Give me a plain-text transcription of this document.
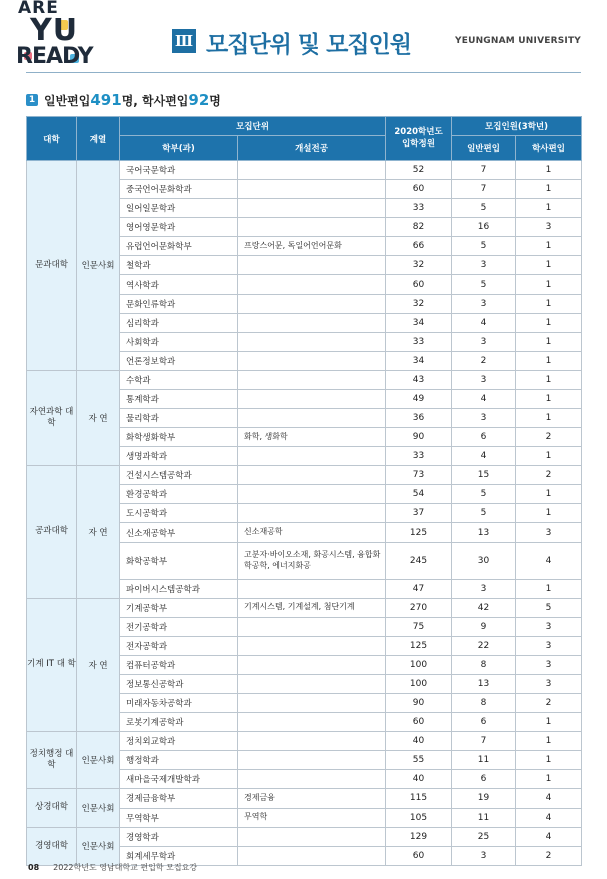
ARE
YU
READY
Ⅲ 모집단위 및 모집인원	YEUNGNAM UNIVERSITY
1 일반편입 491 명, 학사편입 92 명
대학	계열	모집단위		2020학년도 입학정원	모집인원(3학년)	
		학부(과)	개설전공		일반편입	학사편입
문과대학	인문사회	국어국문학과		52	7	1
		중국언어문화학과		60	7	1
		일어일문학과		33	5	1
		영어영문학과		82	16	3
		유럽언어문화학부	프랑스어문, 독일어언어문화	66	5	1
		철학과		32	3	1
		역사학과		60	5	1
		문화인류학과		32	3	1
		심리학과		34	4	1
		사회학과		33	3	1
		언론정보학과		34	2	1
자연과학 대 학	자 연	수학과		43	3	1
		통계학과		49	4	1
		물리학과		36	3	1
		화학생화학부	화학, 생화학	90	6	2
		생명과학과		33	4	1
공과대학	자 연	건설시스템공학과		73	15	2
		환경공학과		54	5	1
		도시공학과		37	5	1
		신소재공학부	신소재공학	125	13	3
		화학공학부	고분자·바이오소재, 화공시스템, 융합화학공학, 에너지화공	245	30	4
		파이버시스템공학과		47	3	1
기계 IT 대 학	자 연	기계공학부	기계시스템, 기계설계, 첨단기계	270	42	5
		전기공학과		75	9	3
		전자공학과		125	22	3
		컴퓨터공학과		100	8	3
		정보통신공학과		100	13	3
		미래자동차공학과		90	8	2
		로봇기계공학과		60	6	1
정치행정 대 학	인문사회	정치외교학과		40	7	1
		행정학과		55	11	1
		새마을국제개발학과		40	6	1
상경대학	인문사회	경제금융학부	경제금융	115	19	4
		무역학부	무역학	105	11	4
경영대학	인문사회	경영학과		129	25	4
		회계세무학과		60	3	2
08 2022학년도 영남대학교 편입학 모집요강
